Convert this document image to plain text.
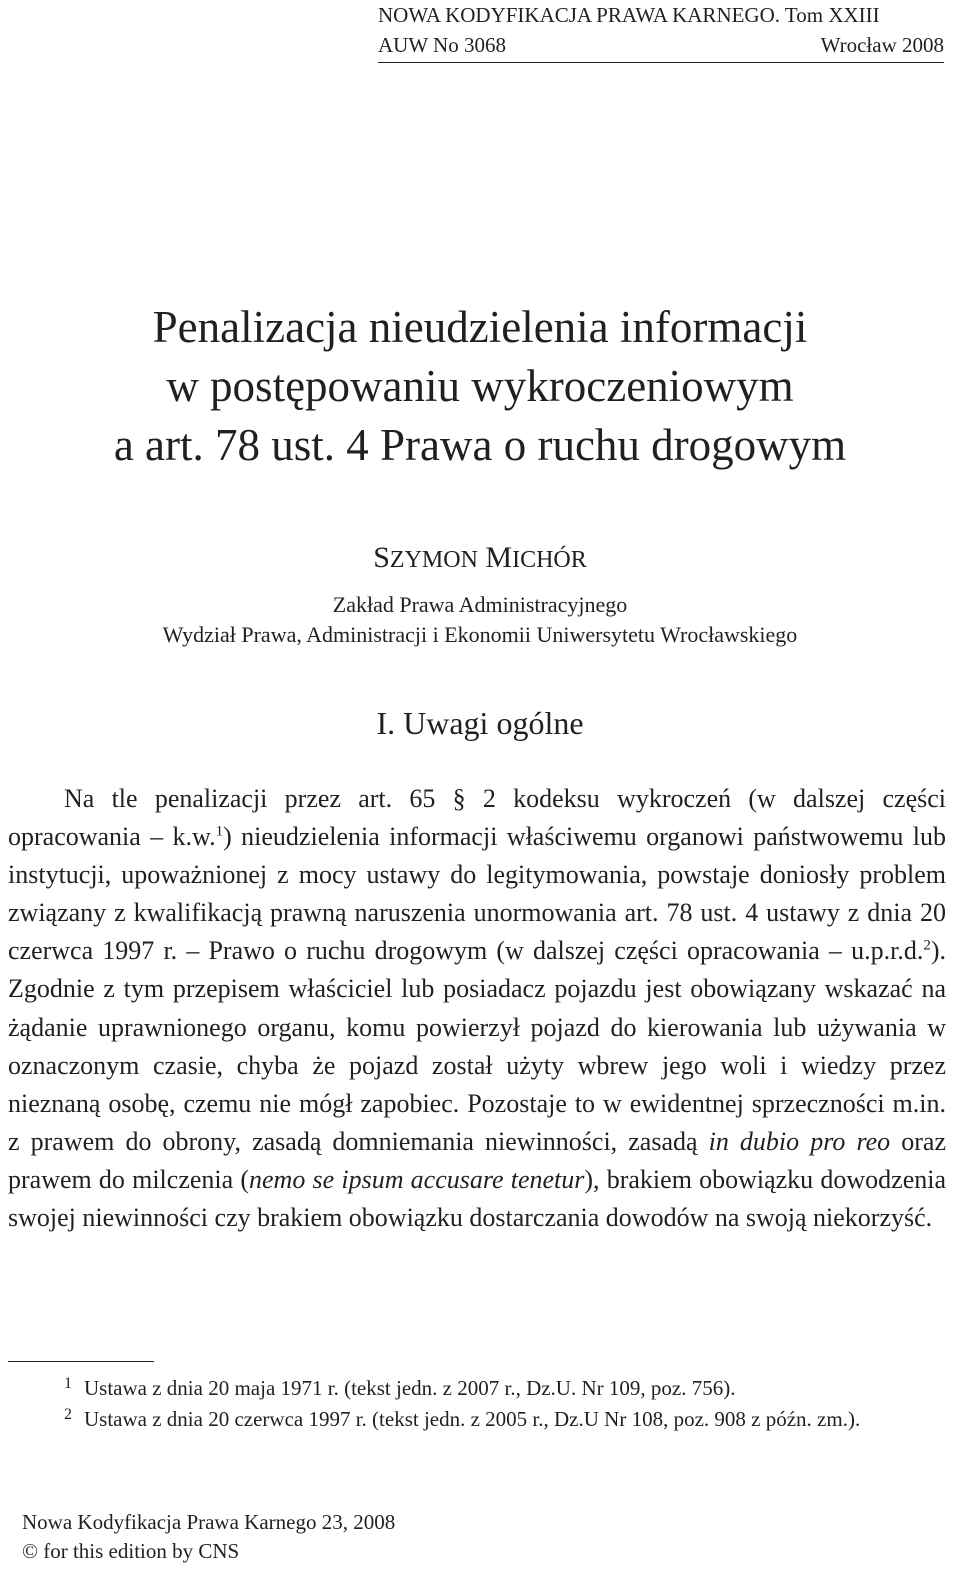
NOWA KODYFIKACJA PRAWA KARNEGO. Tom XXIII
AUW No 3068	Wrocław 2008
Penalizacja nieudzielenia informacji
w postępowaniu wykroczeniowym
a art. 78 ust. 4 Prawa o ruchu drogowym
SZYMON MICHÓR
Zakład Prawa Administracyjnego
Wydział Prawa, Administracji i Ekonomii Uniwersytetu Wrocławskiego
I. Uwagi ogólne

Na tle penalizacji przez art. 65 § 2 kodeksu wykroczeń (w dalszej części opracowania – k.w.$^1$) nieudzielenia informacji właściwemu organowi państwowemu lub instytucji, upoważnionej z mocy ustawy do legitymowania, powstaje doniosły problem związany z kwalifikacją prawną naruszenia unormowania art. 78 ust. 4 ustawy z dnia 20 czerwca 1997 r. – Prawo o ruchu drogowym (w dalszej części opracowania – u.p.r.d.$^2$). Zgodnie z tym przepisem właściciel lub posiadacz pojazdu jest obowiązany wskazać na żądanie uprawnionego organu, komu powierzył pojazd do kierowania lub używania w oznaczonym czasie, chyba że pojazd został użyty wbrew jego woli i wiedzy przez nieznaną osobę, czemu nie mógł zapobiec. Pozostaje to w ewidentnej sprzeczności m.in. z prawem do obrony, zasadą domniemania niewinności, zasadą in dubio pro reo oraz prawem do milczenia (nemo se ipsum accusare tenetur), brakiem obowiązku dowodzenia swojej niewinności czy brakiem obowiązku dostarczania dowodów na swoją niekorzyść.

$^1$ Ustawa z dnia 20 maja 1971 r. (tekst jedn. z 2007 r., Dz.U. Nr 109, poz. 756).

$^2$ Ustawa z dnia 20 czerwca 1997 r. (tekst jedn. z 2005 r., Dz.U Nr 108, poz. 908 z późn. zm.).

Nowa Kodyfikacja Prawa Karnego 23, 2008
© for this edition by CNS
